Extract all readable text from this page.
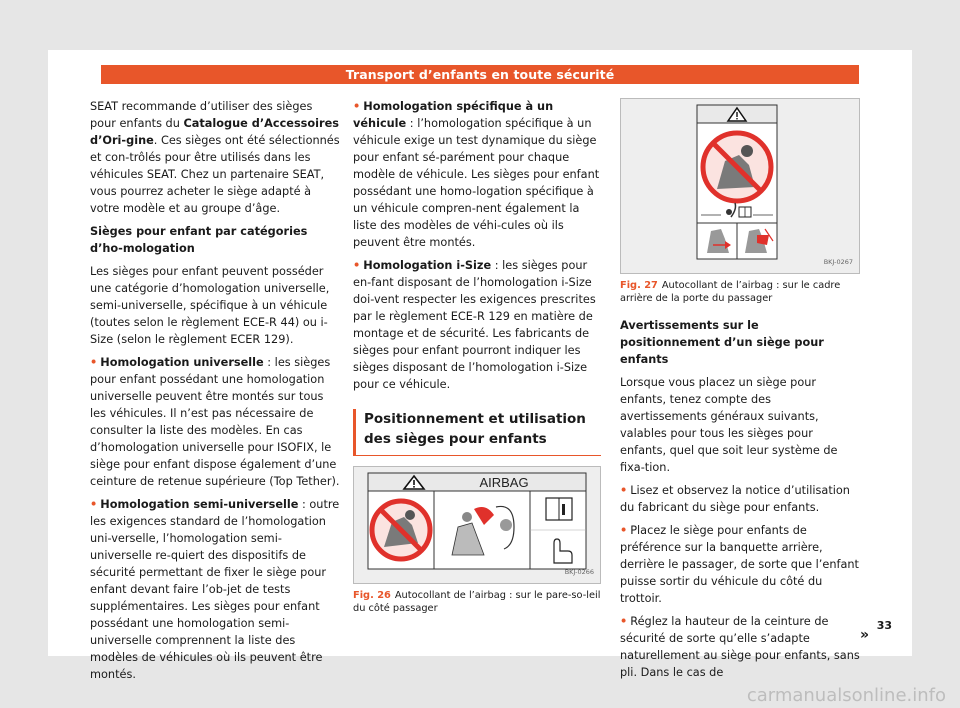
Transport d’enfants en toute sécurité

SEAT recommande d’utiliser des sièges pour enfants du Catalogue d’Accessoires d’Ori-gine. Ces sièges ont été sélectionnés et con-trôlés pour être utilisés dans les véhicules SEAT. Chez un partenaire SEAT, vous pourrez acheter le siège adapté à votre modèle et au groupe d’âge.

Sièges pour enfant par catégories d’ho-mologation

Les sièges pour enfant peuvent posséder une catégorie d’homologation universelle, semi-universelle, spécifique à un véhicule (toutes selon le règlement ECE-R 44) ou i-Size (selon le règlement ECER 129).

• Homologation universelle : les sièges pour enfant possédant une homologation universelle peuvent être montés sur tous les véhicules. Il n’est pas nécessaire de consulter la liste des modèles. En cas d’homologation universelle pour ISOFIX, le siège pour enfant dispose également d’une ceinture de retenue supérieure (Top Tether).

• Homologation semi-universelle : outre les exigences standard de l’homologation uni-verselle, l’homologation semi-universelle re-quiert des dispositifs de sécurité permettant de fixer le siège pour enfant devant faire l’ob-jet de tests supplémentaires. Les sièges pour enfant possédant une homologation semi-universelle comprennent la liste des modèles de véhicules où ils peuvent être montés.

• Homologation spécifique à un véhicule : l’homologation spécifique à un véhicule exige un test dynamique du siège pour enfant sé-parément pour chaque modèle de véhicule. Les sièges pour enfant possédant une homo-logation spécifique à un véhicule compren-nent également la liste des modèles de véhi-cules où ils peuvent être montés.

• Homologation i-Size : les sièges pour en-fant disposant de l’homologation i-Size doi-vent respecter les exigences prescrites par le règlement ECE-R 129 en matière de montage et de sécurité. Les fabricants de sièges pour enfant pourront indiquer les sièges disposant de l’homologation i-Size pour ce véhicule.

Positionnement et utilisation des sièges pour enfants
AIRBAG
BKJ-0266

Fig. 26 Autocollant de l’airbag : sur le pare-so-leil du côté passager

BKJ-0267

Fig. 27 Autocollant de l’airbag : sur le cadre arrière de la porte du passager

Avertissements sur le positionnement d’un siège pour enfants

Lorsque vous placez un siège pour enfants, tenez compte des avertissements généraux suivants, valables pour tous les sièges pour enfants, quel que soit leur système de fixa-tion.

• Lisez et observez la notice d’utilisation du fabricant du siège pour enfants.

• Placez le siège pour enfants de préférence sur la banquette arrière, derrière le passager, de sorte que l’enfant puisse sortir du véhicule du côté du trottoir.

• Réglez la hauteur de la ceinture de sécurité de sorte qu’elle s’adapte naturellement au siège pour enfants, sans pli. Dans le cas de

»
33
carmanualsonline.info
